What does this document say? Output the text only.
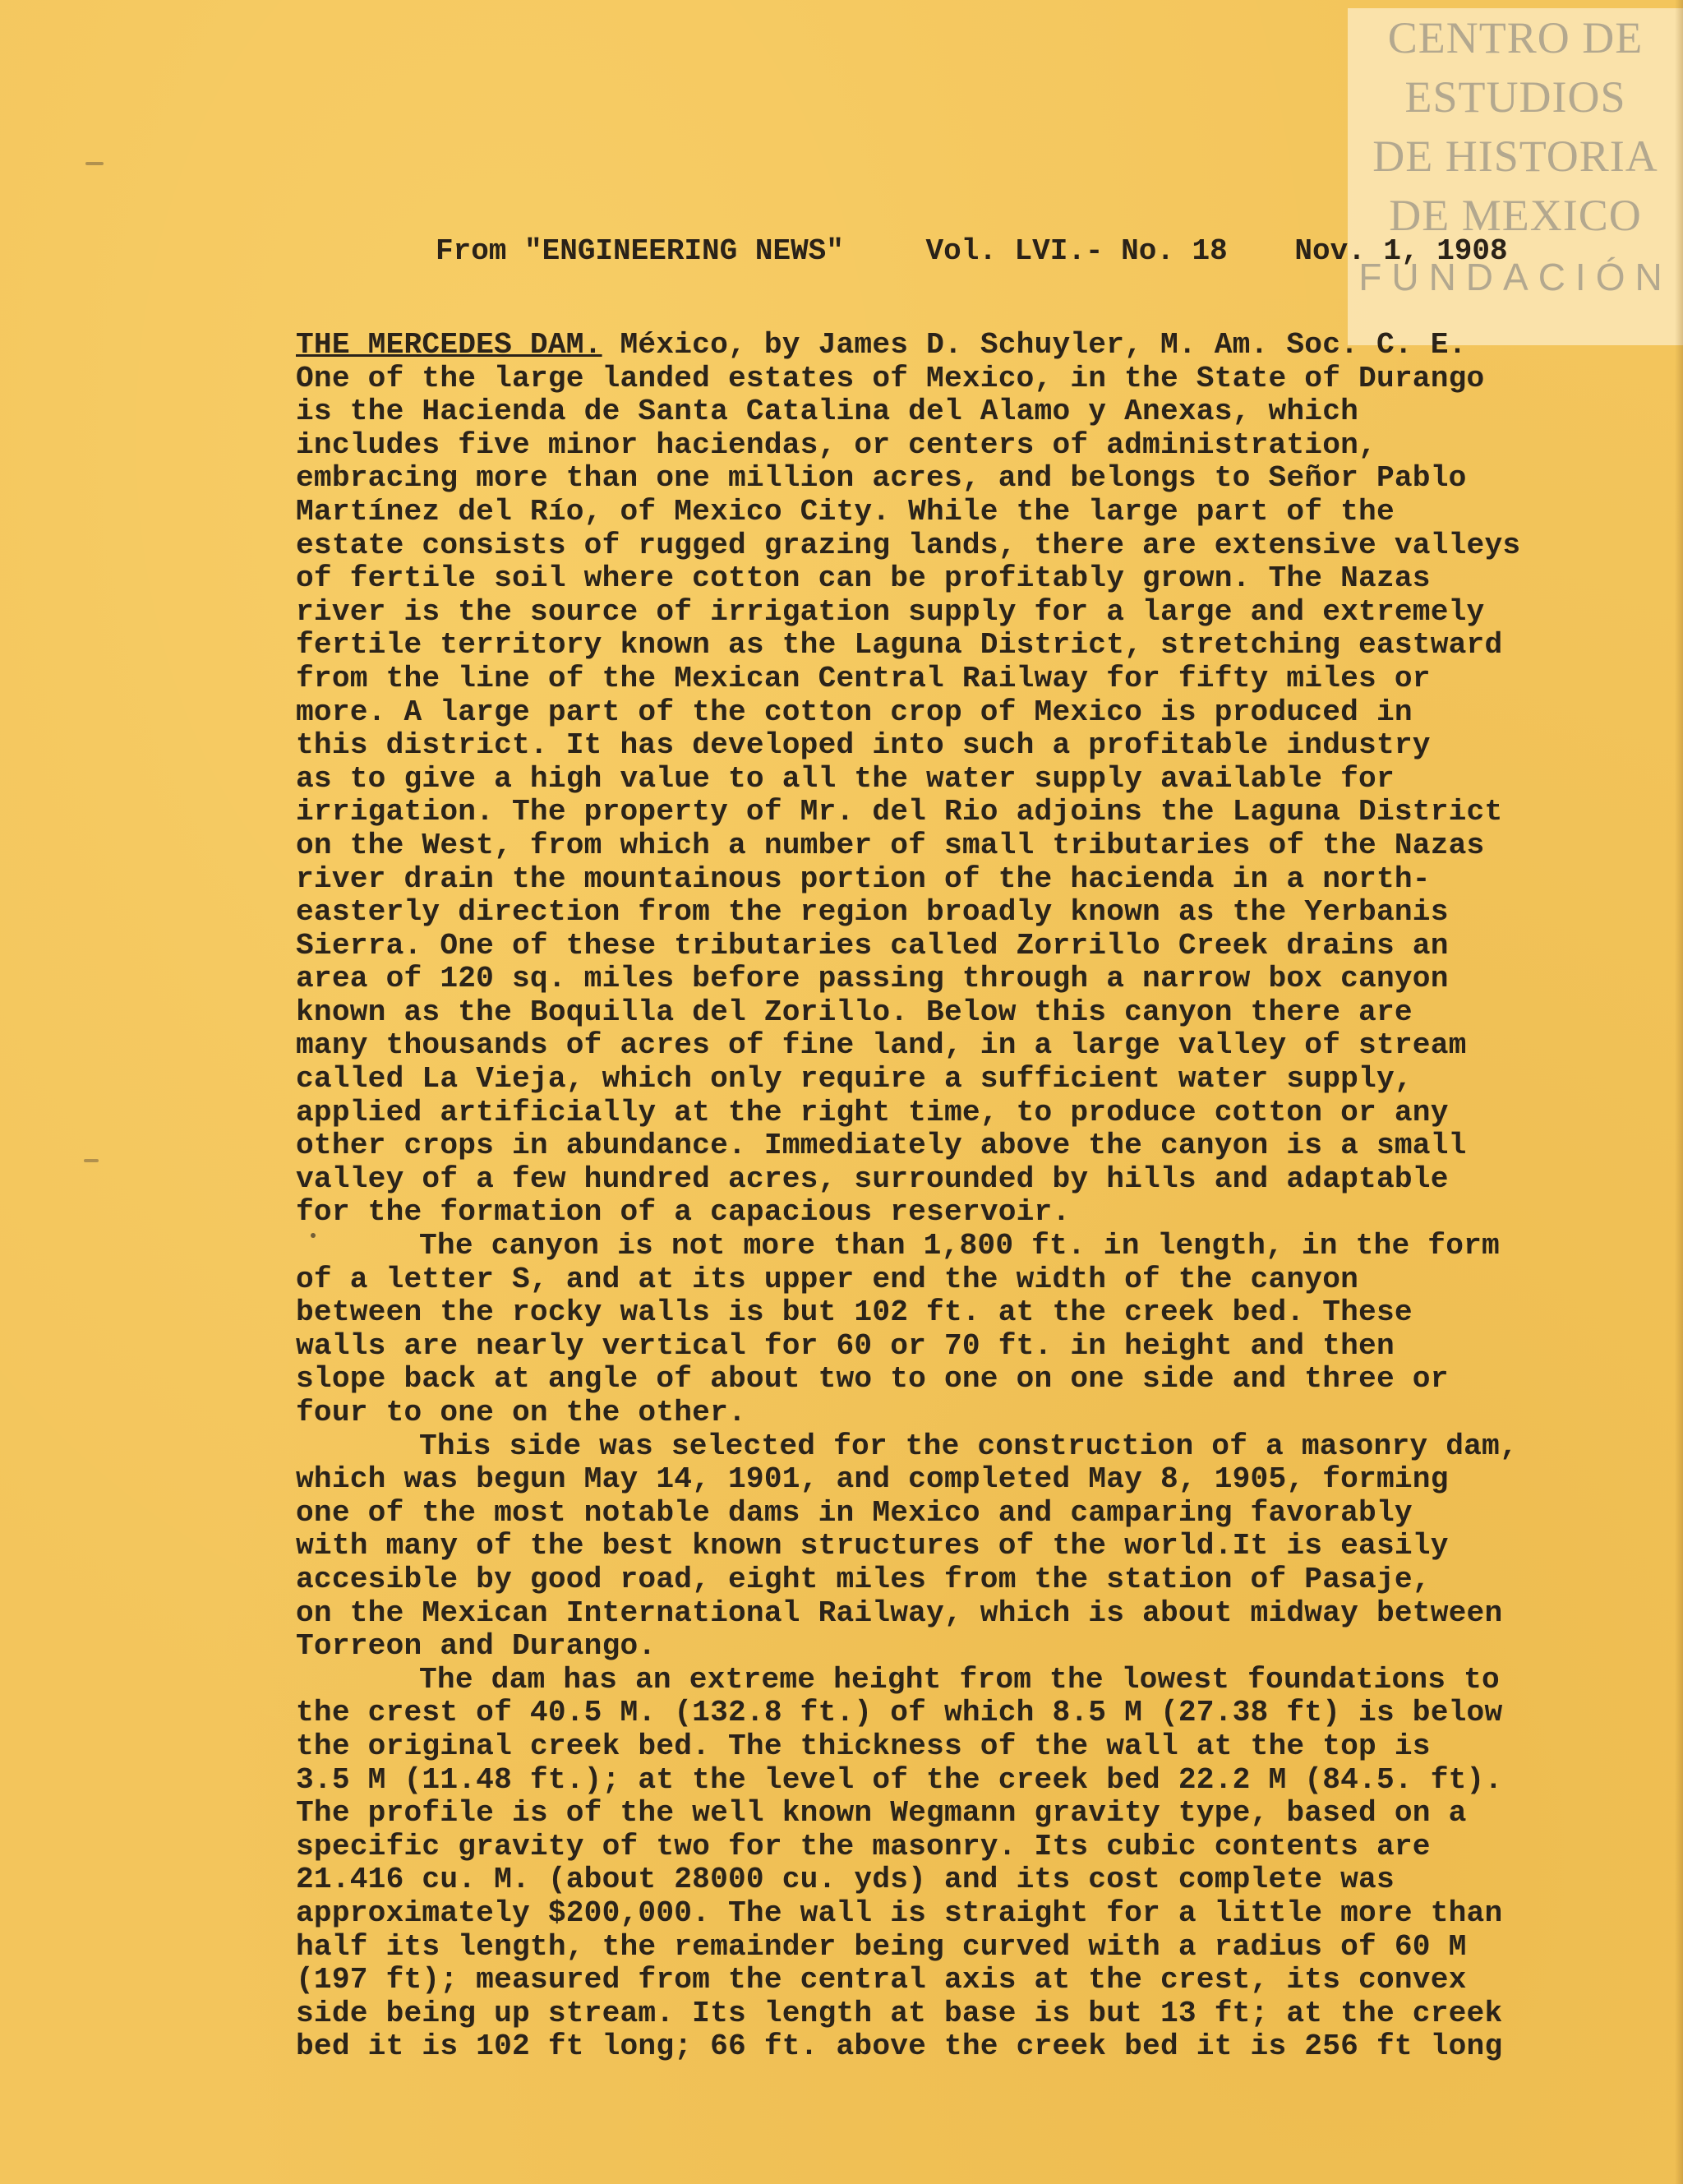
CENTRO DE
ESTUDIOS
DE HISTORIA
DE MEXICO
FUNDACIÓN
From "ENGINEERING NEWS"	Vol. LVI.- No. 18 Nov. 1, 1908
THE MERCEDES DAM. México, by James D. Schuyler, M. Am. Soc. C. E.
One of the large landed estates of Mexico, in the State of Durango
is the Hacienda de Santa Catalina del Alamo y Anexas, which
includes five minor haciendas, or centers of administration,
embracing more than one million acres, and belongs to Señor Pablo
Martínez del Río, of Mexico City. While the large part of the
estate consists of rugged grazing lands, there are extensive valleys
of fertile soil where cotton can be profitably grown. The Nazas
river is the source of irrigation supply for a large and extremely
fertile territory known as the Laguna District, stretching eastward
from the line of the Mexican Central Railway for fifty miles or
more. A large part of the cotton crop of Mexico is produced in
this district. It has developed into such a profitable industry
as to give a high value to all the water supply available for
irrigation. The property of Mr. del Rio adjoins the Laguna District
on the West, from which a number of small tributaries of the Nazas
river drain the mountainous portion of the hacienda in a north-
easterly direction from the region broadly known as the Yerbanis
Sierra. One of these tributaries called Zorrillo Creek drains an
area of 120 sq. miles before passing through a narrow box canyon
known as the Boquilla del Zorillo. Below this canyon there are
many thousands of acres of fine land, in a large valley of stream
called La Vieja, which only require a sufficient water supply,
applied artificially at the right time, to produce cotton or any
other crops in abundance. Immediately above the canyon is a small
valley of a few hundred acres, surrounded by hills and adaptable
for the formation of a capacious reservoir.
The canyon is not more than 1,800 ft. in length, in the form
of a letter S, and at its upper end the width of the canyon
between the rocky walls is but 102 ft. at the creek bed. These
walls are nearly vertical for 60 or 70 ft. in height and then
slope back at angle of about two to one on one side and three or
four to one on the other.
This side was selected for the construction of a masonry dam,
which was begun May 14, 1901, and completed May 8, 1905, forming
one of the most notable dams in Mexico and camparing favorably
with many of the best known structures of the world.It is easily
accesible by good road, eight miles from the station of Pasaje,
on the Mexican International Railway, which is about midway between
Torreon and Durango.
The dam has an extreme height from the lowest foundations to
the crest of 40.5 M. (132.8 ft.) of which 8.5 M (27.38 ft) is below
the original creek bed. The thickness of the wall at the top is
3.5 M (11.48 ft.); at the level of the creek bed 22.2 M (84.5. ft).
The profile is of the well known Wegmann gravity type, based on a
specific gravity of two for the masonry. Its cubic contents are
21.416 cu. M. (about 28000 cu. yds) and its cost complete was
approximately $200,000. The wall is straight for a little more than
half its length, the remainder being curved with a radius of 60 M
(197 ft); measured from the central axis at the crest, its convex
side being up stream. Its length at base is but 13 ft; at the creek
bed it is 102 ft long; 66 ft. above the creek bed it is 256 ft long
